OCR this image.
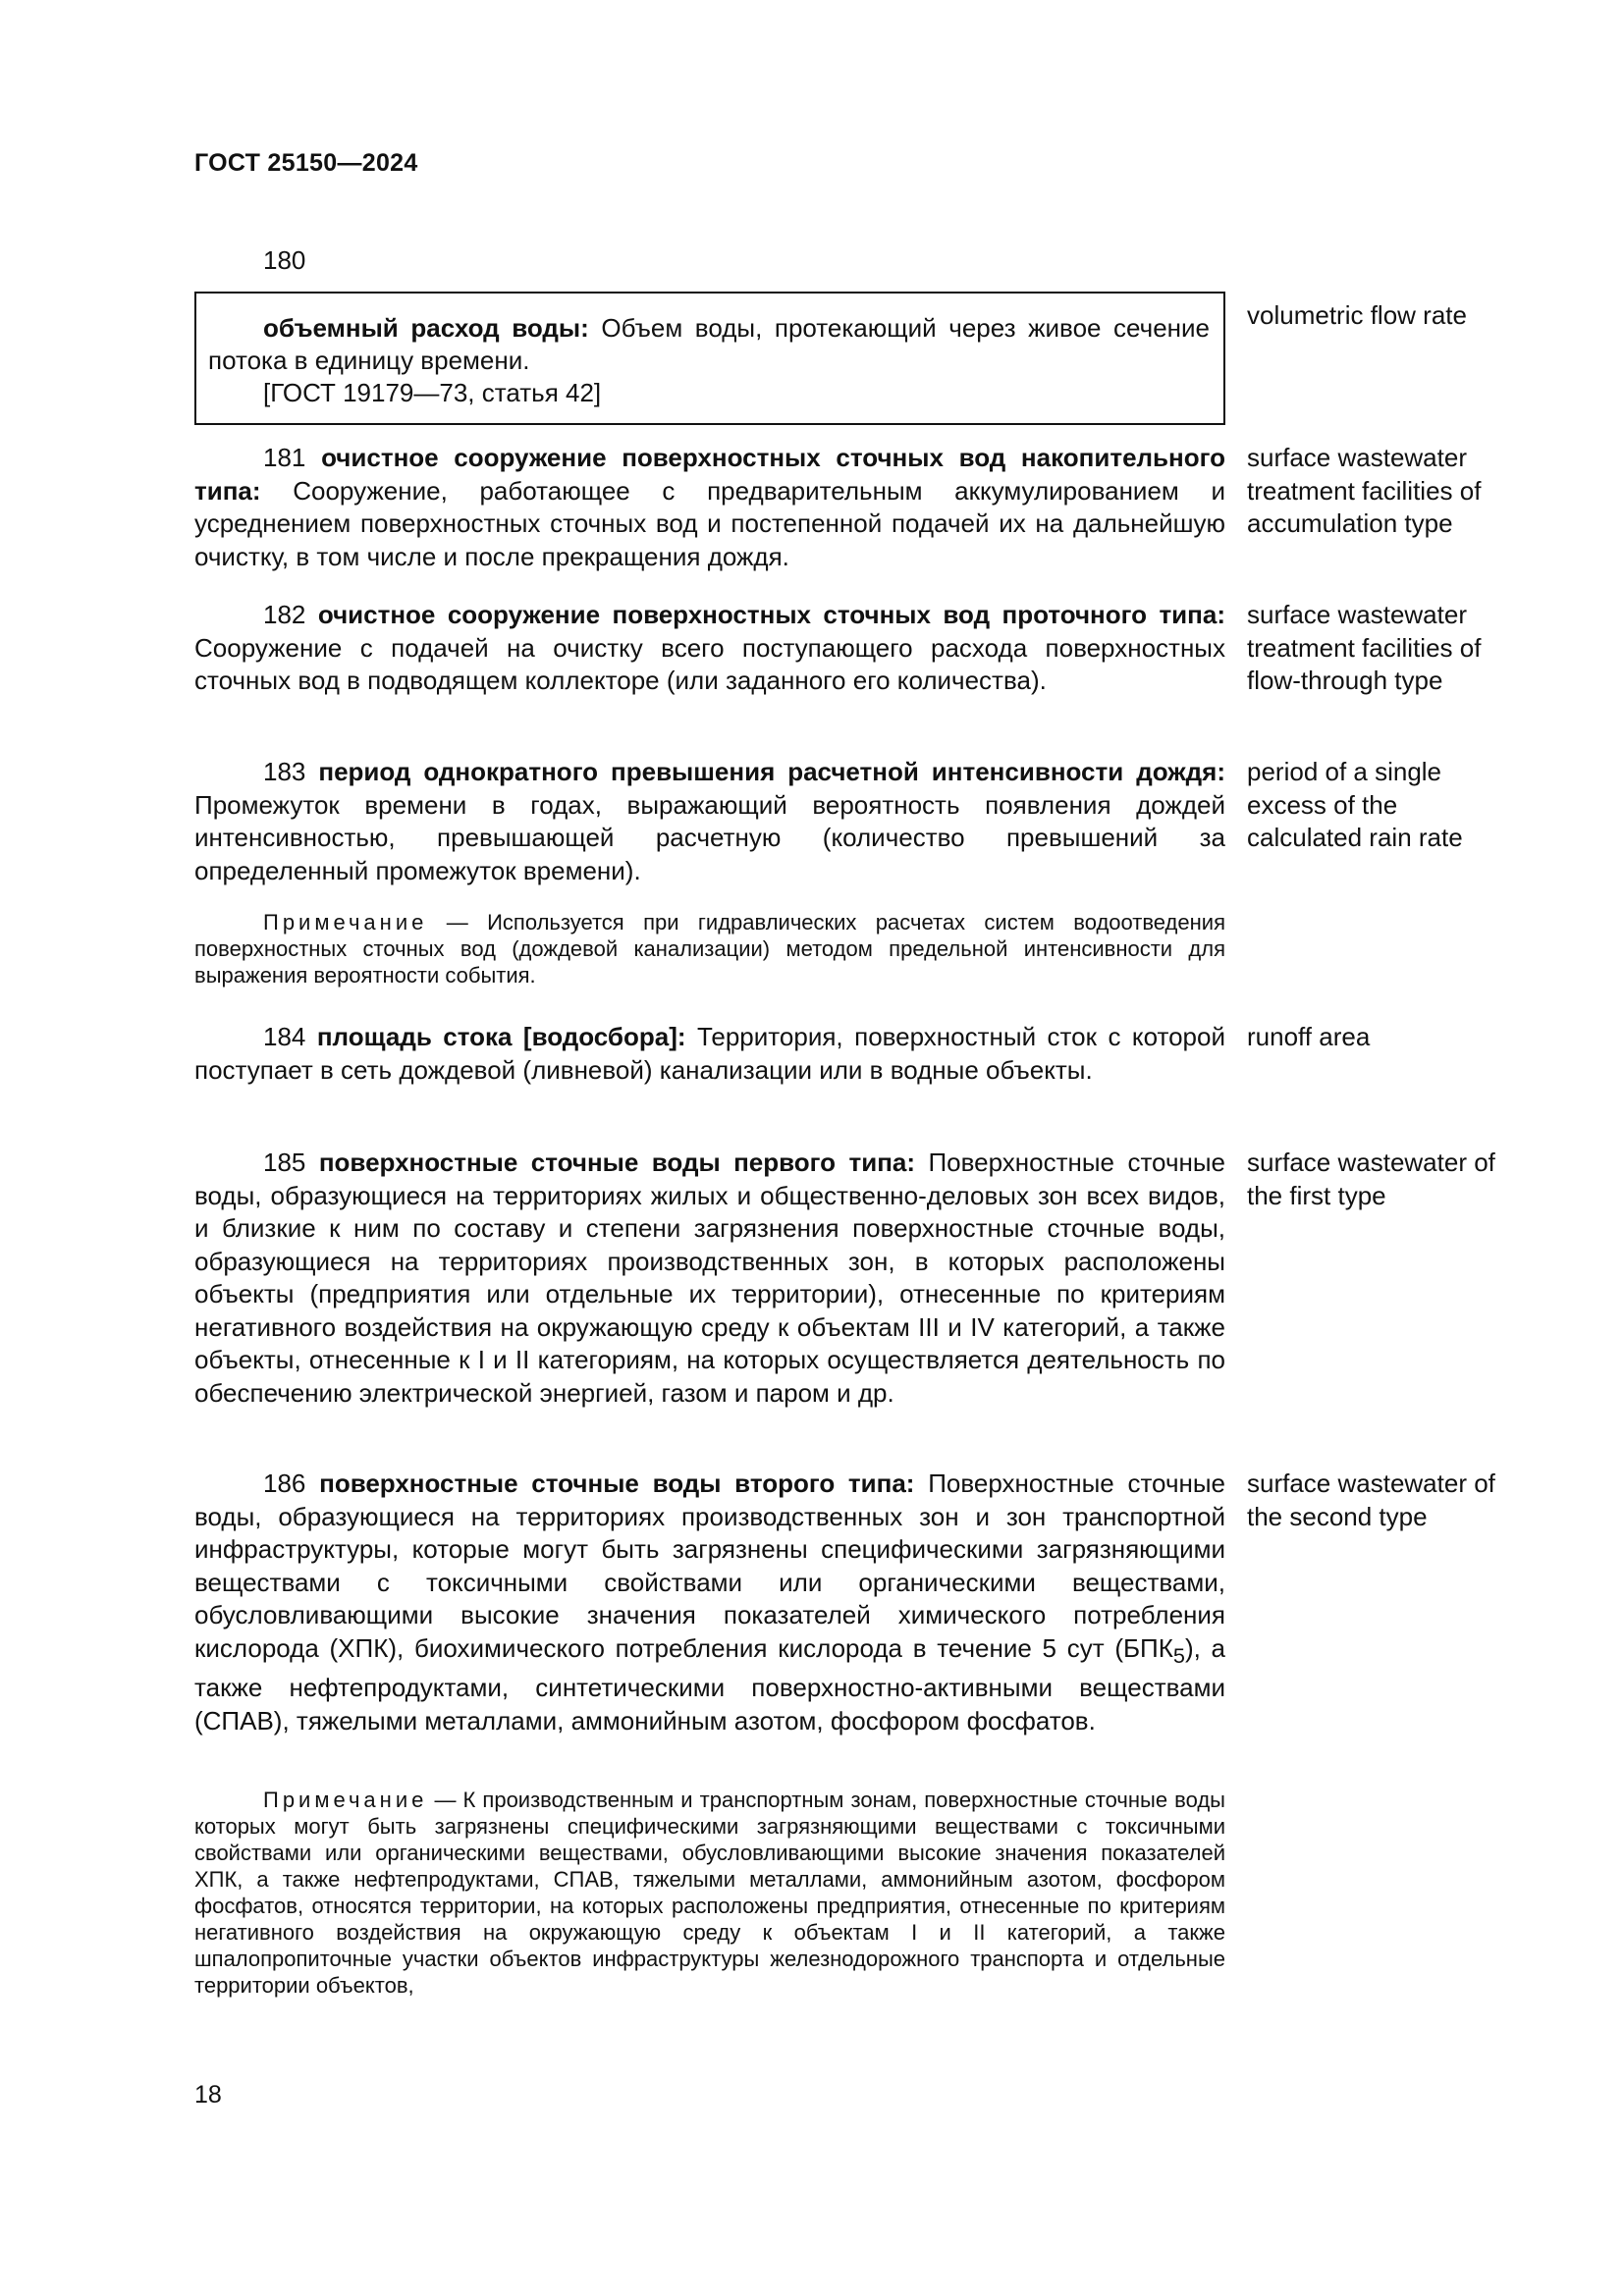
ГОСТ 25150—2024
180
объемный расход воды: Объем воды, протекающий через живое сечение потока в единицу времени.
[ГОСТ 19179—73, статья 42]
volumetric flow rate
181 очистное сооружение поверхностных сточных вод накопительного типа: Сооружение, работающее с предварительным аккумулированием и усреднением поверхностных сточных вод и постепенной подачей их на дальнейшую очистку, в том числе и после прекращения дождя.
surface wastewater treatment facilities of accumulation type
182 очистное сооружение поверхностных сточных вод проточного типа: Сооружение с подачей на очистку всего поступающего расхода поверхностных сточных вод в подводящем коллекторе (или заданного его количества).
surface wastewater treatment facilities of flow-through type
183 период однократного превышения расчетной интенсивности дождя: Промежуток времени в годах, выражающий вероятность появления дождей интенсивностью, превышающей расчетную (количество превышений за определенный промежуток времени).
period of a single excess of the calculated rain rate
Примечание — Используется при гидравлических расчетах систем водоотведения поверхностных сточных вод (дождевой канализации) методом предельной интенсивности для выражения вероятности события.
184 площадь стока [водосбора]: Территория, поверхностный сток с которой поступает в сеть дождевой (ливневой) канализации или в водные объекты.
runoff area
185 поверхностные сточные воды первого типа: Поверхностные сточные воды, образующиеся на территориях жилых и общественно-деловых зон всех видов, и близкие к ним по составу и степени загрязнения поверхностные сточные воды, образующиеся на территориях производственных зон, в которых расположены объекты (предприятия или отдельные их территории), отнесенные по критериям негативного воздействия на окружающую среду к объектам III и IV категорий, а также объекты, отнесенные к I и II категориям, на которых осуществляется деятельность по обеспечению электрической энергией, газом и паром и др.
surface wastewater of the first type
186 поверхностные сточные воды второго типа: Поверхностные сточные воды, образующиеся на территориях производственных зон и зон транспортной инфраструктуры, которые могут быть загрязнены специфическими загрязняющими веществами с токсичными свойствами или органическими веществами, обусловливающими высокие значения показателей химического потребления кислорода (ХПК), биохимического потребления кислорода в течение 5 сут $(БПК_5)$, а также нефтепродуктами, синтетическими поверхностно-активными веществами (СПАВ), тяжелыми металлами, аммонийным азотом, фосфором фосфатов.
surface wastewater of the second type
Примечание — К производственным и транспортным зонам, поверхностные сточные воды которых могут быть загрязнены специфическими загрязняющими веществами с токсичными свойствами или органическими веществами, обусловливающими высокие значения показателей ХПК, а также нефтепродуктами, СПАВ, тяжелыми металлами, аммонийным азотом, фосфором фосфатов, относятся территории, на которых расположены предприятия, отнесенные по критериям негативного воздействия на окружающую среду к объектам I и II категорий, а также шпалопропиточные участки объектов инфраструктуры железнодорожного транспорта и отдельные территории объектов,
18
